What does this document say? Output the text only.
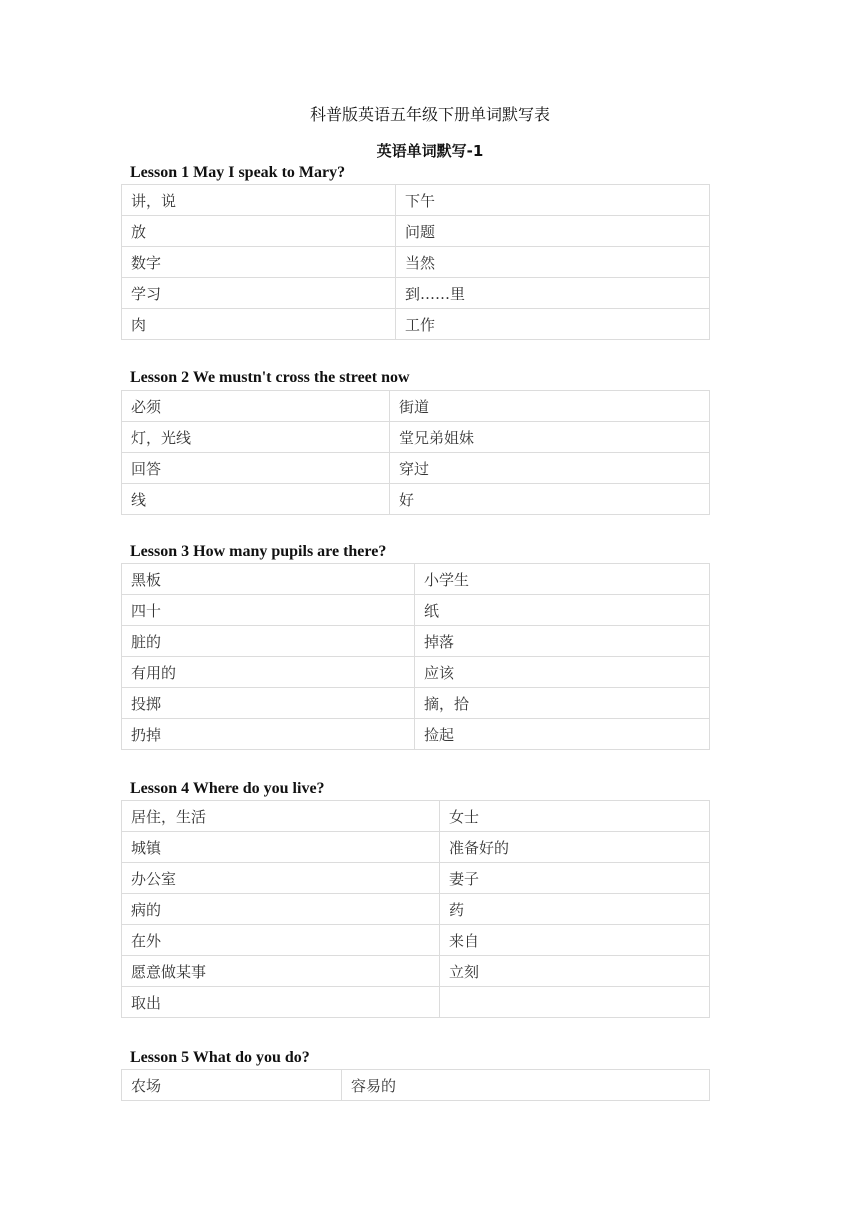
科普版英语五年级下册单词默写表
英语单词默写-1
Lesson 1 May I speak to Mary?
讲，说	下午
放	问题
数字	当然
学习	到……里
肉	工作
Lesson 2 We mustn't cross the street now
必须	街道
灯，光线	堂兄弟姐妹
回答	穿过
线	好
Lesson 3 How many pupils are there?
黑板	小学生
四十	纸
脏的	掉落
有用的	应该
投掷	摘，拾
扔掉	捡起
Lesson 4 Where do you live?
居住，生活	女士
城镇	准备好的
办公室	妻子
病的	药
在外	来自
愿意做某事	立刻
取出	
Lesson 5 What do you do?
农场	容易的
